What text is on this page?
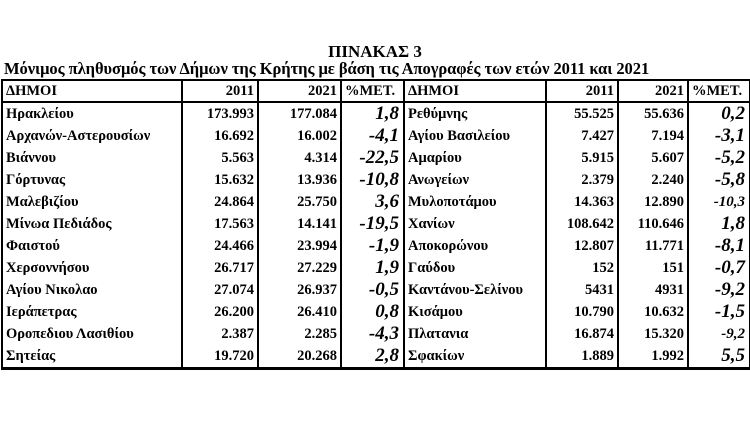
ΠΙΝΑΚΑΣ 3
Μόνιμος πληθυσμός των Δήμων της Κρήτης με βάση τις Απογραφές των ετών 2011 και 2021
ΔΗΜΟΙ	2011	2021	%ΜΕΤ.	ΔΗΜΟΙ	2011	2021	%ΜΕΤ.
Ηρακλείου	173.993	177.084	1,8	Ρεθύμνης	55.525	55.636	0,2
Αρχανών-Αστερουσίων	16.692	16.002	-4,1	Αγίου Βασιλείου	7.427	7.194	-3,1
Βιάννου	5.563	4.314	-22,5	Αμαρίου	5.915	5.607	-5,2
Γόρτυνας	15.632	13.936	-10,8	Ανωγείων	2.379	2.240	-5,8
Μαλεβιζίου	24.864	25.750	3,6	Μυλοποτάμου	14.363	12.890	-10,3
Μίνωα Πεδιάδος	17.563	14.141	-19,5	Χανίων	108.642	110.646	1,8
Φαιστού	24.466	23.994	-1,9	Αποκορώνου	12.807	11.771	-8,1
Χερσοννήσου	26.717	27.229	1,9	Γαύδου	152	151	-0,7
Αγίου Νικολαο	27.074	26.937	-0,5	Καντάνου-Σελίνου	5431	4931	-9,2
Ιεράπετρας	26.200	26.410	0,8	Κισάμου	10.790	10.632	-1,5
Οροπεδιου Λασιθίου	2.387	2.285	-4,3	Πλατανια	16.874	15.320	-9,2
Σητείας	19.720	20.268	2,8	Σφακίων	1.889	1.992	5,5
